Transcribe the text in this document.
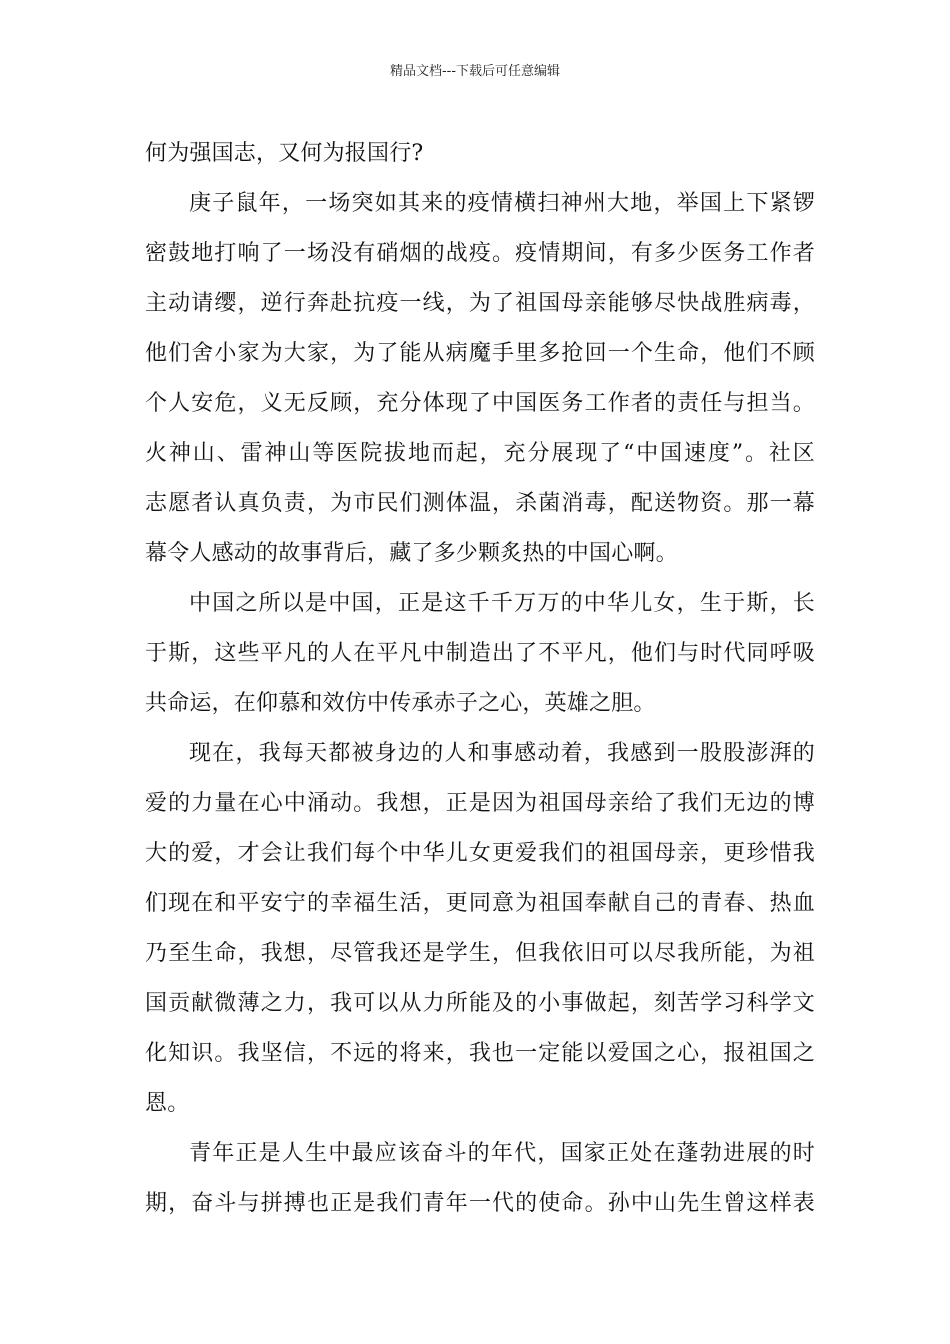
精品文档---下载后可任意编辑
何为强国志，又何为报国行?
庚子鼠年，一场突如其来的疫情横扫神州大地，举国上下紧锣
密鼓地打响了一场没有硝烟的战疫。疫情期间，有多少医务工作者
主动请缨，逆行奔赴抗疫一线，为了祖国母亲能够尽快战胜病毒，
他们舍小家为大家，为了能从病魔手里多抢回一个生命，他们不顾
个人安危，义无反顾，充分体现了中国医务工作者的责任与担当。
火神山、雷神山等医院拔地而起，充分展现了“中国速度”。社区
志愿者认真负责，为市民们测体温，杀菌消毒，配送物资。那一幕
幕令人感动的故事背后，藏了多少颗炙热的中国心啊。
中国之所以是中国，正是这千千万万的中华儿女，生于斯，长
于斯，这些平凡的人在平凡中制造出了不平凡，他们与时代同呼吸
共命运，在仰慕和效仿中传承赤子之心，英雄之胆。
现在，我每天都被身边的人和事感动着，我感到一股股澎湃的
爱的力量在心中涌动。我想，正是因为祖国母亲给了我们无边的博
大的爱，才会让我们每个中华儿女更爱我们的祖国母亲，更珍惜我
们现在和平安宁的幸福生活，更同意为祖国奉献自己的青春、热血
乃至生命，我想，尽管我还是学生，但我依旧可以尽我所能，为祖
国贡献微薄之力，我可以从力所能及的小事做起，刻苦学习科学文
化知识。我坚信，不远的将来，我也一定能以爱国之心，报祖国之
恩。
青年正是人生中最应该奋斗的年代，国家正处在蓬勃进展的时
期，奋斗与拼搏也正是我们青年一代的使命。孙中山先生曾这样表
